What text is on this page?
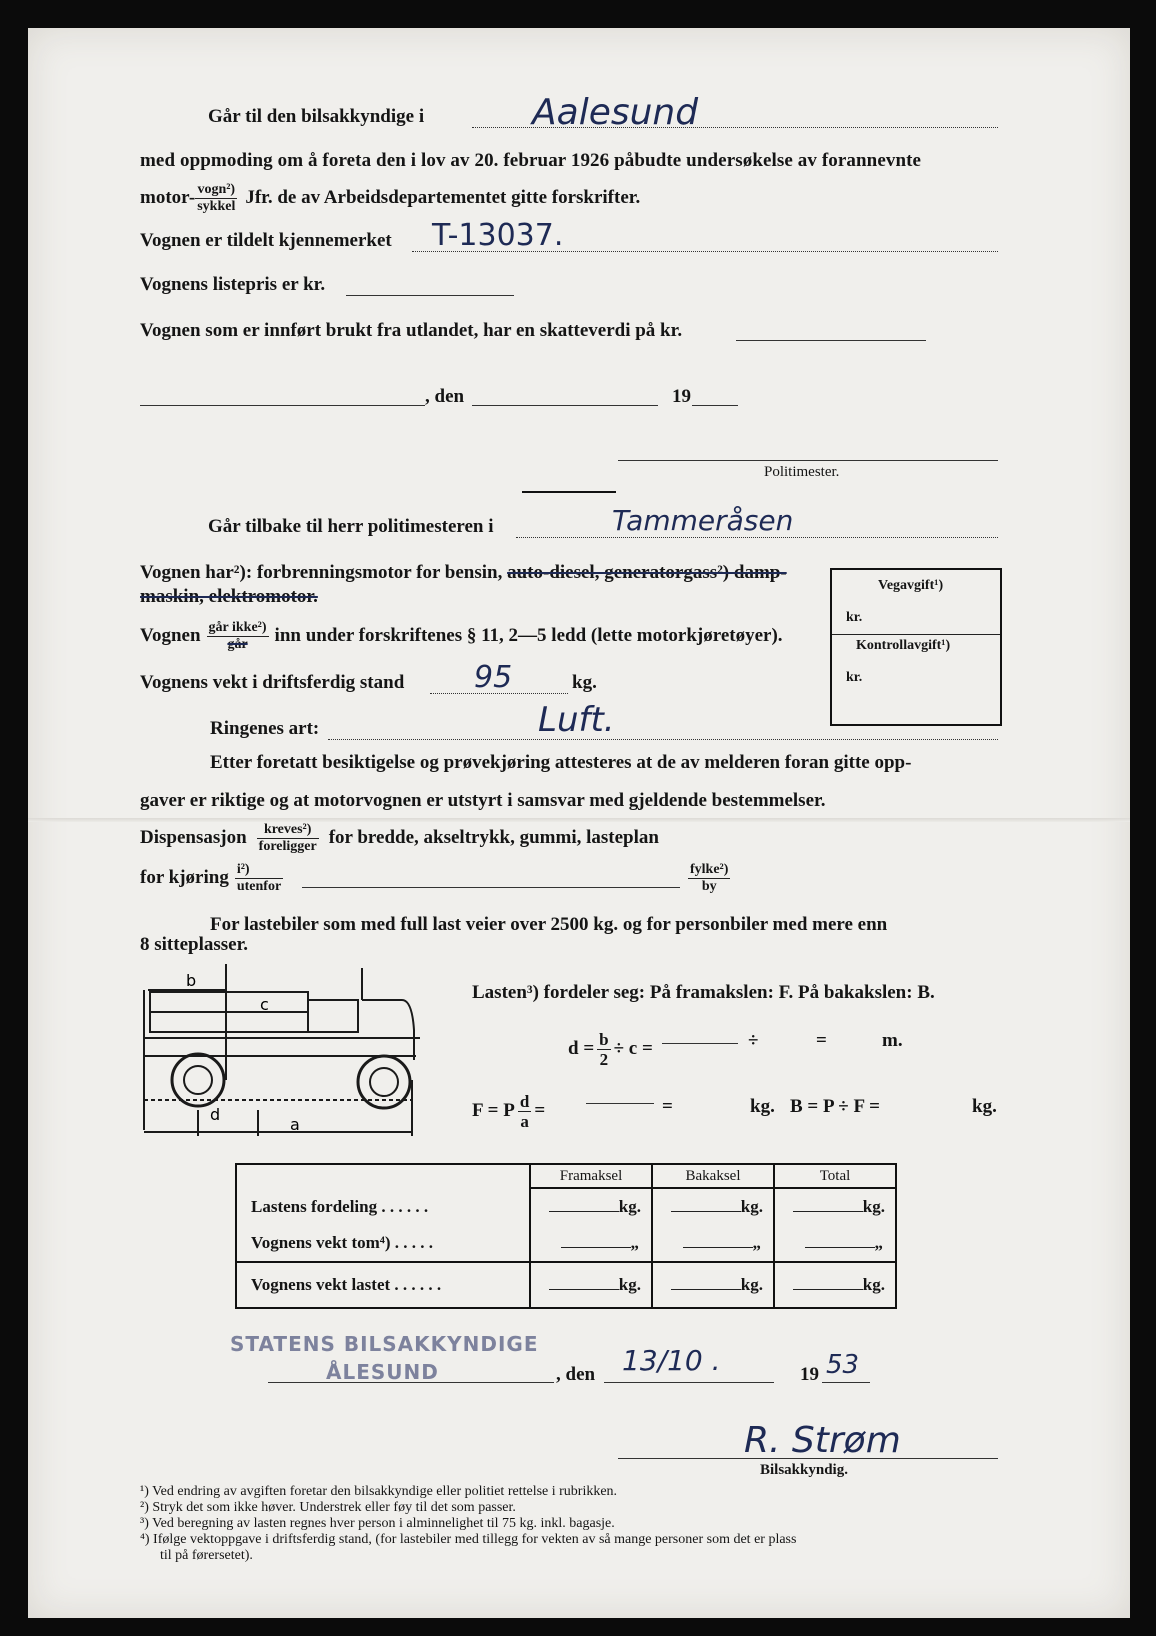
Går til den bilsakkyndige i	Aalesund
med oppmoding om å foreta den i lov av 20. februar 1926 påbudte undersøkelse av forannevnte
motor- $\frac{\text{vogn²)}}{\text{sykkel}}$ Jfr. de av Arbeidsdepartementet gitte forskrifter.
Vognen er tildelt kjennemerket T-13037.
Vognens listepris er kr.
Vognen som er innført brukt fra utlandet, har en skatteverdi på kr.
, den	19
Politimester.
Går tilbake til herr politimesteren i	Tammeråsen
Vognen har²): forbrenningsmotor for bensin, auto-diesel, generatorgass²) damp-
maskin, elektromotor.
Vegavgift¹)
kr.
Kontrollavgift¹)
kr.
Vognen $\frac{\text{går ikke²)}}{\text{går}}$ inn under forskriftenes § 11, 2—5 ledd (lette motorkjøretøyer).
Vognens vekt i driftsferdig stand 95	kg.
Ringenes art:	Luft.
Etter foretatt besiktigelse og prøvekjøring attesteres at de av melderen foran gitte opp-
gaver er riktige og at motorvognen er utstyrt i samsvar med gjeldende bestemmelser.
Dispensasjon $\frac{\text{kreves²)}}{\text{foreligger}}$ for bredde, akseltrykk, gummi, lasteplan
for kjøring $\frac{\text{i²)}}{\text{utenfor}}$	$\frac{\text{fylke²)}}{by}$
For lastebiler som med full last veier over 2500 kg. og for personbiler med mere enn
8 sitteplasser.
b
c
d
a
Lasten³) fordeler seg: På framakslen: F. På bakakslen: B.
$d = \frac{b}{2} \div c$ =	÷	=	m.
F = P $\frac{d}{a}$ =	=	kg. B = P ÷ F =	kg.
	Framaksel	Bakaksel	Total
Lastens fordeling . . . . . .	kg.	kg.	kg.
Vognens vekt tom⁴) . . . . .	„	„	„
Vognens vekt lastet . . . . . .	kg.	kg.	kg.
STATENS BILSAKKYNDIGE
ÅLESUND	, den 13/10 .	19 53
R. Strøm
Bilsakkyndig.
¹) Ved endring av avgiften foretar den bilsakkyndige eller politiet rettelse i rubrikken.
²) Stryk det som ikke høver. Understrek eller føy til det som passer.
³) Ved beregning av lasten regnes hver person i alminnelighet til 75 kg. inkl. bagasje.
⁴) Ifølge vektoppgave i driftsferdig stand, (for lastebiler med tillegg for vekten av så mange personer som det er plass
til på førersetet).
